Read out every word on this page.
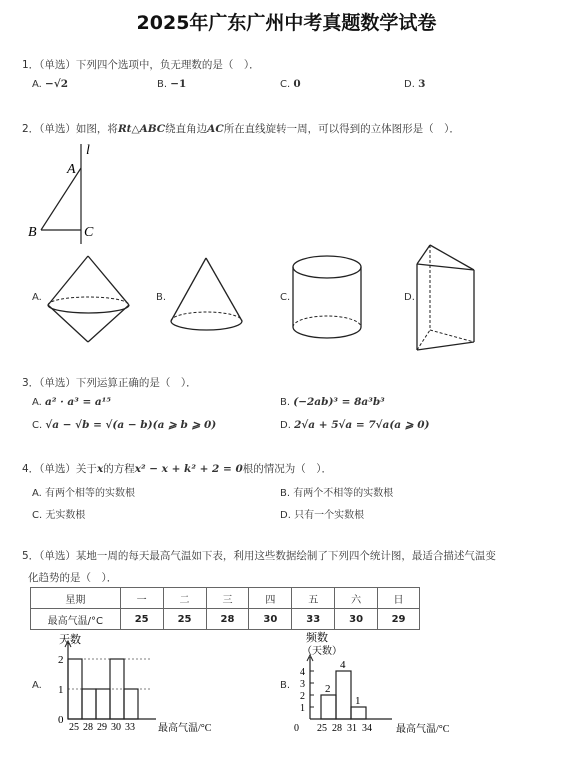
2025年广东广州中考真题数学试卷
1．（单选）下列四个选项中，负无理数的是（　）．
A. −√2	B. −1	C. 0	D. 3
2．（单选）如图，将Rt△ABC绕直角边AC所在直线旋转一周，可以得到的立体图形是（　）．
l
A
B	C
A.	B.	C.	D.
3．（单选）下列运算正确的是（　）．
A. a² · a³ = a¹⁵	B. (−2ab)³ = 8a³b³
C. √a − √b = √(a − b)(a ⩾ b ⩾ 0)	D. 2√a + 5√a = 7√a(a ⩾ 0)
4．（单选）关于x的方程x² − x + k² + 2 = 0根的情况为（　）．
A. 有两个相等的实数根	B. 有两个不相等的实数根
C. 无实数根	D. 只有一个实数根
5．（单选）某地一周的每天最高气温如下表，利用这些数据绘制了下列四个统计图，最适合描述气温变
化趋势的是（　）．
星期	一	二	三	四	五	六	日
最高气温/°C	25	25	28	30	33	30	29
A.
天数
最高气温/°C
0
1
2
25 28 29 30 33
B.
频数
（天数）
最高气温/°C
1
2
3
4
0
2
4
1
25 28 31 34
